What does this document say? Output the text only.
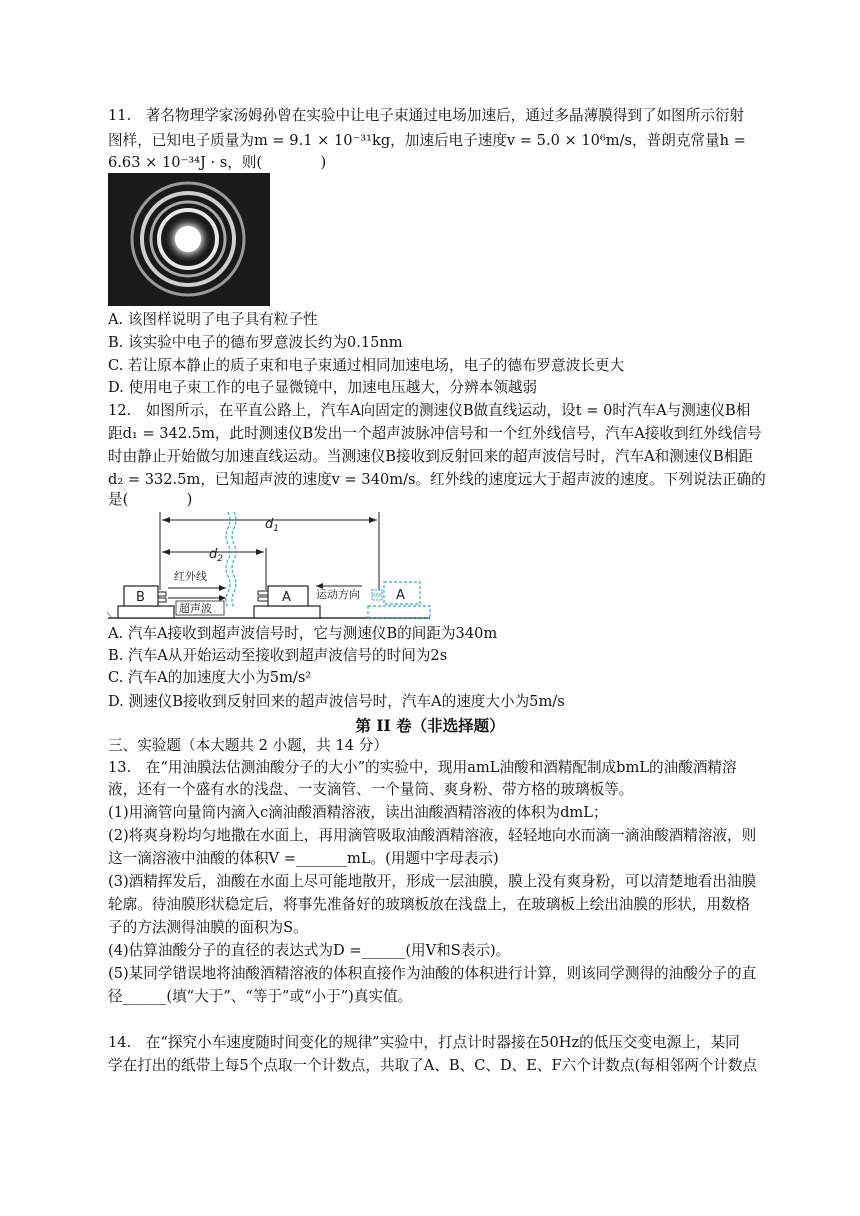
11.　著名物理学家汤姆孙曾在实验中让电子束通过电场加速后，通过多晶薄膜得到了如图所示衍射
图样，已知电子质量为m = 9.1 × 10⁻³¹kg，加速后电子速度v = 5.0 × 10⁶m/s，普朗克常量h =
6.63 × 10⁻³⁴J · s，则(　　　　)
A. 该图样说明了电子具有粒子性
B. 该实验中电子的德布罗意波长约为0.15nm
C. 若让原本静止的质子束和电子束通过相同加速电场，电子的德布罗意波长更大
D. 使用电子束工作的电子显微镜中，加速电压越大，分辨本领越弱
12.　如图所示，在平直公路上，汽车A向固定的测速仪B做直线运动，设t = 0时汽车A与测速仪B相
距d₁ = 342.5m，此时测速仪B发出一个超声波脉冲信号和一个红外线信号，汽车A接收到红外线信号
时由静止开始做匀加速直线运动。当测速仪B接收到反射回来的超声波信号时，汽车A和测速仪B相距
d₂ = 332.5m，已知超声波的速度v = 340m/s。红外线的速度远大于超声波的速度。下列说法正确的
是(　　　　)
$d_1$
$d_2$
B
红外线
超声波
A 运动方向	A
A. 汽车A接收到超声波信号时，它与测速仪B的间距为340m
B. 汽车A从开始运动至接收到超声波信号的时间为2s
C. 汽车A的加速度大小为5m/s²
D. 测速仪B接收到反射回来的超声波信号时，汽车A的速度大小为5m/s
第 II 卷（非选择题）
三、实验题（本大题共 2 小题，共 14 分）
13.　在“用油膜法估测油酸分子的大小”的实验中，现用amL油酸和酒精配制成bmL的油酸酒精溶
液，还有一个盛有水的浅盘、一支滴管、一个量筒、爽身粉、带方格的玻璃板等。
(1)用滴管向量筒内滴入c滴油酸酒精溶液，读出油酸酒精溶液的体积为dmL；
(2)将爽身粉均匀地撒在水面上，再用滴管吸取油酸酒精溶液，轻轻地向水而滴一滴油酸酒精溶液，则
这一滴溶液中油酸的体积V =_______mL。(用题中字母表示)
(3)酒精挥发后，油酸在水面上尽可能地散开，形成一层油膜，膜上没有爽身粉，可以清楚地看出油膜
轮廓。待油膜形状稳定后，将事先准备好的玻璃板放在浅盘上，在玻璃板上绘出油膜的形状，用数格
子的方法测得油膜的面积为S。
(4)估算油酸分子的直径的表达式为D =______(用V和S表示)。
(5)某同学错误地将油酸酒精溶液的体积直接作为油酸的体积进行计算，则该同学测得的油酸分子的直
径______(填“大于”、“等于”或“小于”)真实值。
14.　在“探究小车速度随时间变化的规律”实验中，打点计时器接在50Hz的低压交变电源上，某同
学在打出的纸带上每5个点取一个计数点，共取了A、B、C、D、E、F六个计数点(每相邻两个计数点
